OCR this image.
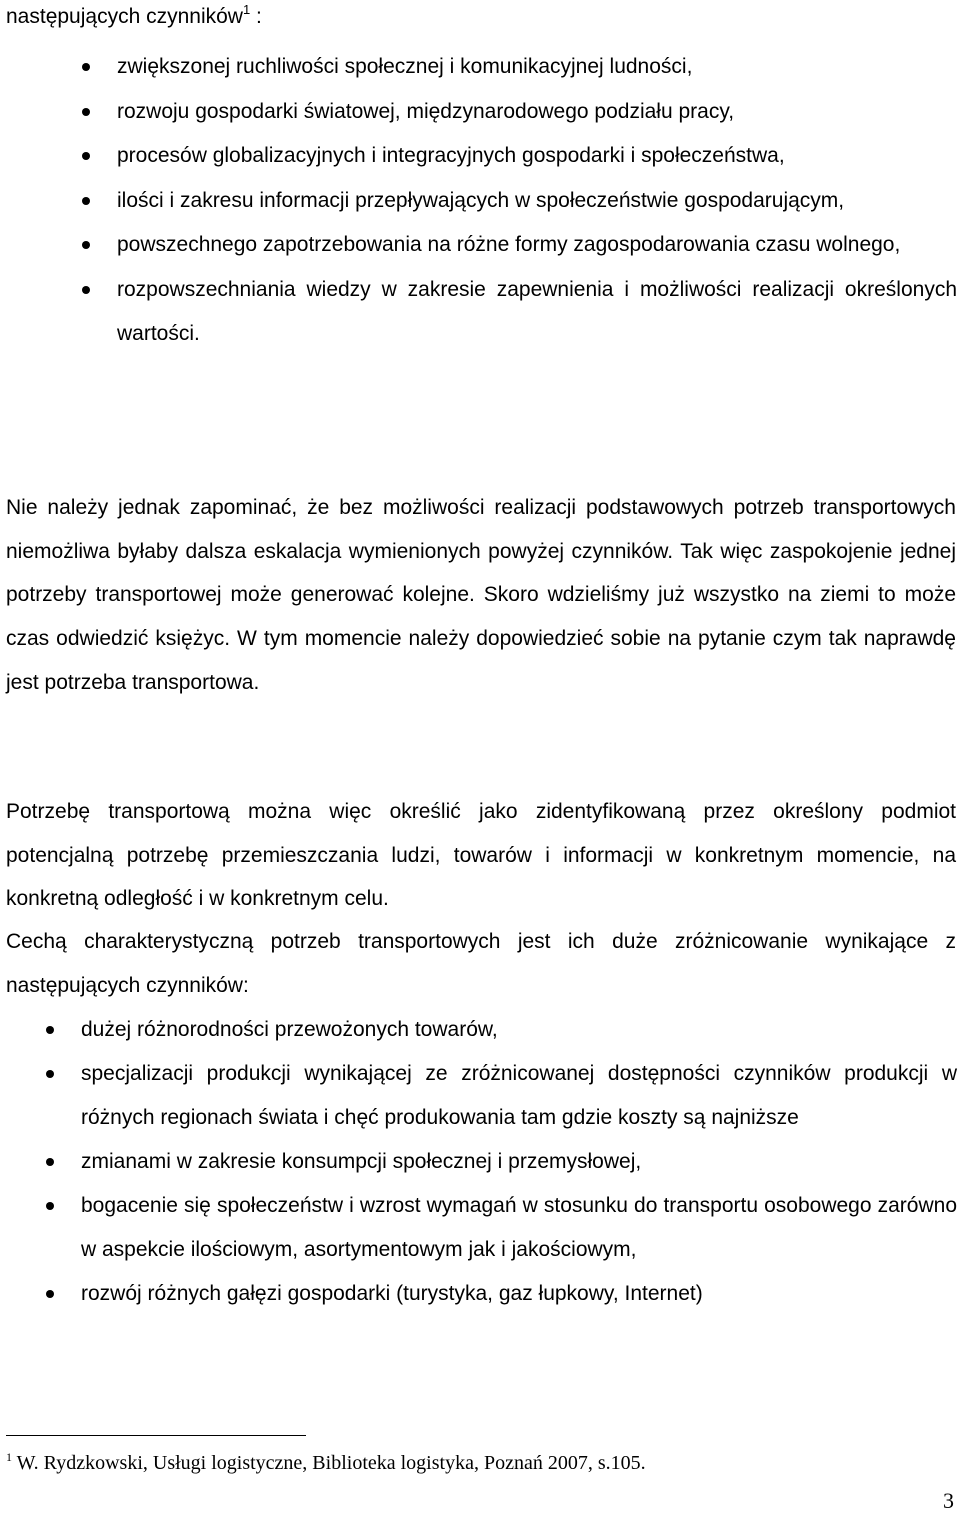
następujących czynników$^1$ :

zwiększonej ruchliwości społecznej i komunikacyjnej ludności,
rozwoju gospodarki światowej, międzynarodowego podziału pracy,
procesów globalizacyjnych i integracyjnych gospodarki i społeczeństwa,
ilości i zakresu informacji przepływających w społeczeństwie gospodarującym,
powszechnego zapotrzebowania na różne formy zagospodarowania czasu wolnego,
rozpowszechniania wiedzy w zakresie zapewnienia i możliwości realizacji określonych wartości.

Nie należy jednak zapominać, że bez możliwości realizacji podstawowych potrzeb transportowych niemożliwa byłaby dalsza eskalacja wymienionych powyżej czynników. Tak więc zaspokojenie jednej potrzeby transportowej może generować kolejne. Skoro wdzieliśmy już wszystko na ziemi to może czas odwiedzić księżyc. W tym momencie należy dopowiedzieć sobie na pytanie czym tak naprawdę jest potrzeba transportowa.

Potrzebę transportową można więc określić jako zidentyfikowaną przez określony podmiot potencjalną potrzebę przemieszczania ludzi, towarów i informacji w konkretnym momencie, na konkretną odległość i w konkretnym celu.

Cechą charakterystyczną potrzeb transportowych jest ich duże zróżnicowanie wynikające z następujących czynników:

dużej różnorodności przewożonych towarów,
specjalizacji produkcji wynikającej ze zróżnicowanej dostępności czynników produkcji w różnych regionach świata i chęć produkowania tam gdzie koszty są najniższe
zmianami w zakresie konsumpcji społecznej i przemysłowej,
bogacenie się społeczeństw i wzrost wymagań w stosunku do transportu osobowego zarówno w aspekcie ilościowym, asortymentowym jak i jakościowym,
rozwój różnych gałęzi gospodarki (turystyka, gaz łupkowy, Internet)

$^1$ W. Rydzkowski, Usługi logistyczne, Biblioteka logistyka, Poznań 2007, s.105.

3
